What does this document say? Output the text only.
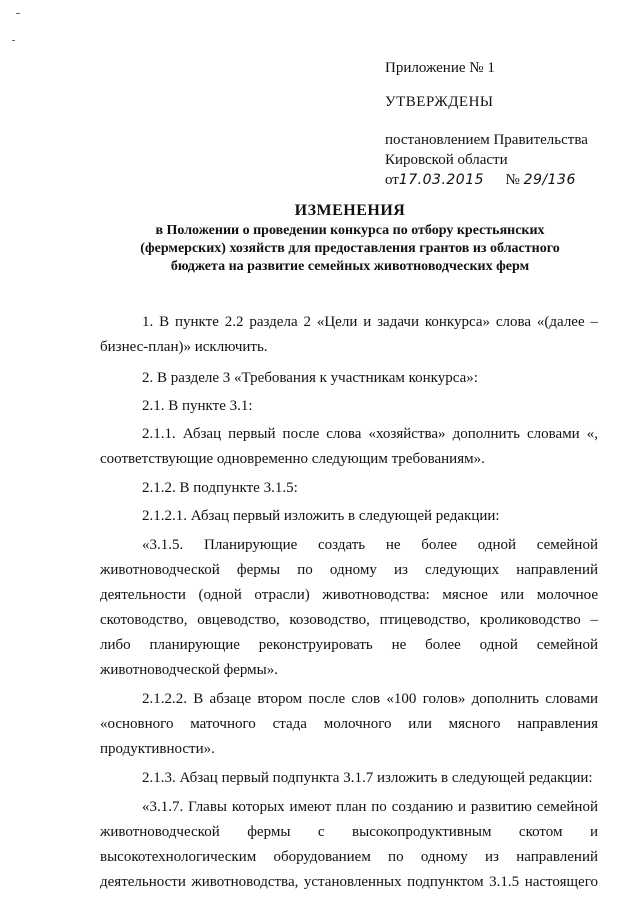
Приложение № 1
УТВЕРЖДЕНЫ
постановлением Правительства
Кировской области
от17.03.2015 № 29/136
ИЗМЕНЕНИЯ
в Положении о проведении конкурса по отбору крестьянских
(фермерских) хозяйств для предоставления грантов из областного
бюджета на развитие семейных животноводческих ферм
1. В пункте 2.2 раздела 2 «Цели и задачи конкурса» слова «(далее – бизнес-план)» исключить.
2. В разделе 3 «Требования к участникам конкурса»:
2.1. В пункте 3.1:
2.1.1. Абзац первый после слова «хозяйства» дополнить словами «, соответствующие одновременно следующим требованиям».
2.1.2. В подпункте 3.1.5:
2.1.2.1. Абзац первый изложить в следующей редакции:
«3.1.5. Планирующие создать не более одной семейной животноводческой фермы по одному из следующих направлений деятельности (одной отрасли) животноводства: мясное или молочное скотоводство, овцеводство, козоводство, птицеводство, кролиководство – либо планирующие реконструировать не более одной семейной животноводческой фермы».
2.1.2.2. В абзаце втором после слов «100 голов» дополнить словами «основного маточного стада молочного или мясного направления продуктивности».
2.1.3. Абзац первый подпункта 3.1.7 изложить в следующей редакции:
«3.1.7. Главы которых имеют план по созданию и развитию семейной животноводческой фермы с высокопродуктивным скотом и высокотехнологическим оборудованием по одному из направлений деятельности животноводства, установленных подпунктом 3.1.5 настоящего
